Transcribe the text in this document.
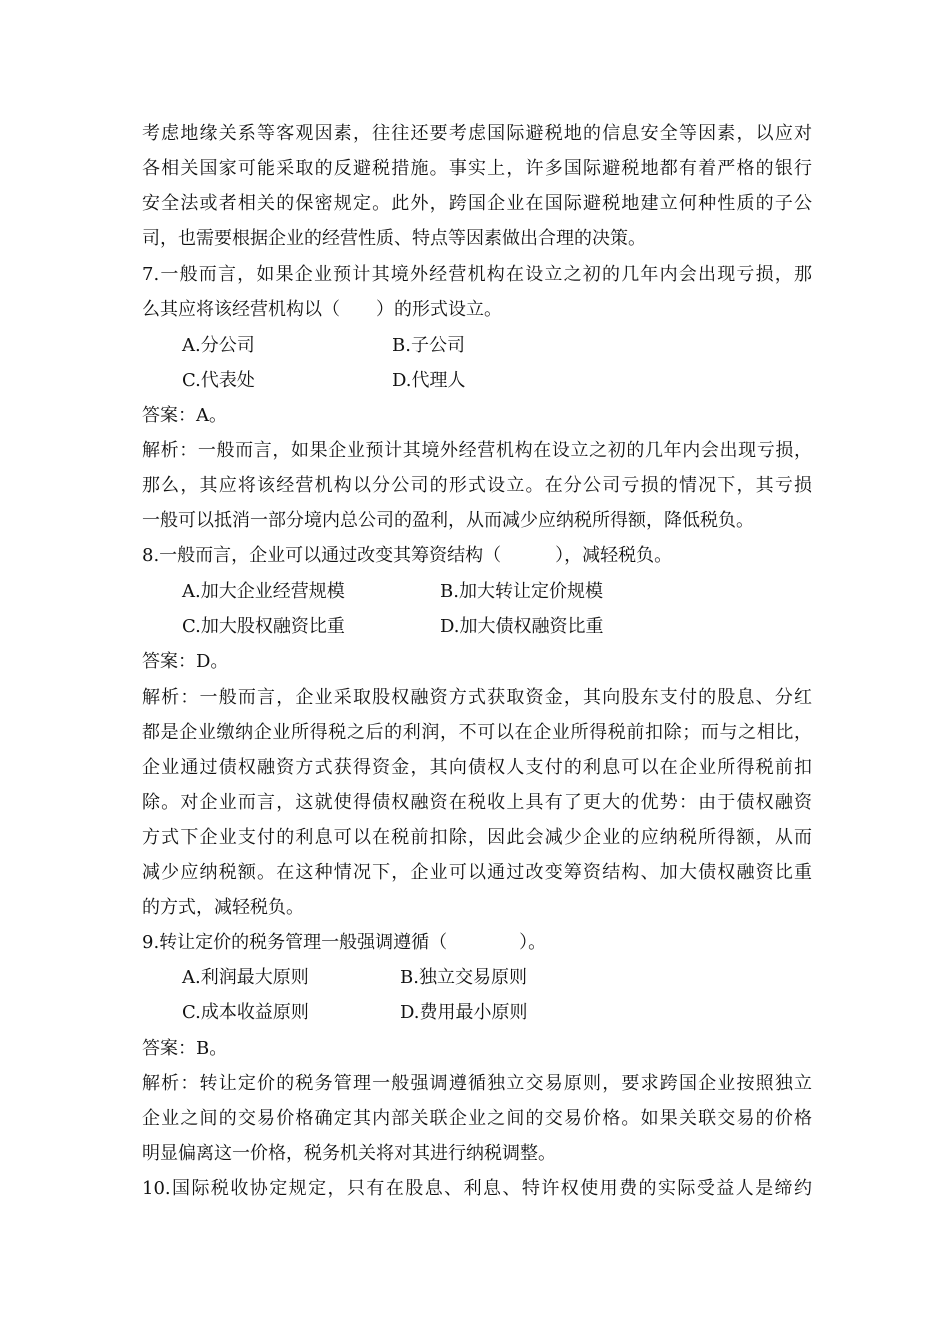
考虑地缘关系等客观因素，往往还要考虑国际避税地的信息安全等因素，以应对
各相关国家可能采取的反避税措施。事实上，许多国际避税地都有着严格的银行
安全法或者相关的保密规定。此外，跨国企业在国际避税地建立何种性质的子公
司，也需要根据企业的经营性质、特点等因素做出合理的决策。
7.一般而言，如果企业预计其境外经营机构在设立之初的几年内会出现亏损，那
么其应将该经营机构以（　　）的形式设立。
A.分公司	B.子公司
C.代表处	D.代理人
答案：A。
解析：一般而言，如果企业预计其境外经营机构在设立之初的几年内会出现亏损，
那么，其应将该经营机构以分公司的形式设立。在分公司亏损的情况下，其亏损
一般可以抵消一部分境内总公司的盈利，从而减少应纳税所得额，降低税负。
8.一般而言，企业可以通过改变其筹资结构（　　　），减轻税负。
A.加大企业经营规模	B.加大转让定价规模
C.加大股权融资比重	D.加大债权融资比重
答案：D。
解析：一般而言，企业采取股权融资方式获取资金，其向股东支付的股息、分红
都是企业缴纳企业所得税之后的利润，不可以在企业所得税前扣除；而与之相比，
企业通过债权融资方式获得资金，其向债权人支付的利息可以在企业所得税前扣
除。对企业而言，这就使得债权融资在税收上具有了更大的优势：由于债权融资
方式下企业支付的利息可以在税前扣除，因此会减少企业的应纳税所得额，从而
减少应纳税额。在这种情况下，企业可以通过改变筹资结构、加大债权融资比重
的方式，减轻税负。
9.转让定价的税务管理一般强调遵循（　　　　）。
A.利润最大原则	B.独立交易原则
C.成本收益原则	D.费用最小原则
答案：B。
解析：转让定价的税务管理一般强调遵循独立交易原则，要求跨国企业按照独立
企业之间的交易价格确定其内部关联企业之间的交易价格。如果关联交易的价格
明显偏离这一价格，税务机关将对其进行纳税调整。
10.国际税收协定规定，只有在股息、利息、特许权使用费的实际受益人是缔约
